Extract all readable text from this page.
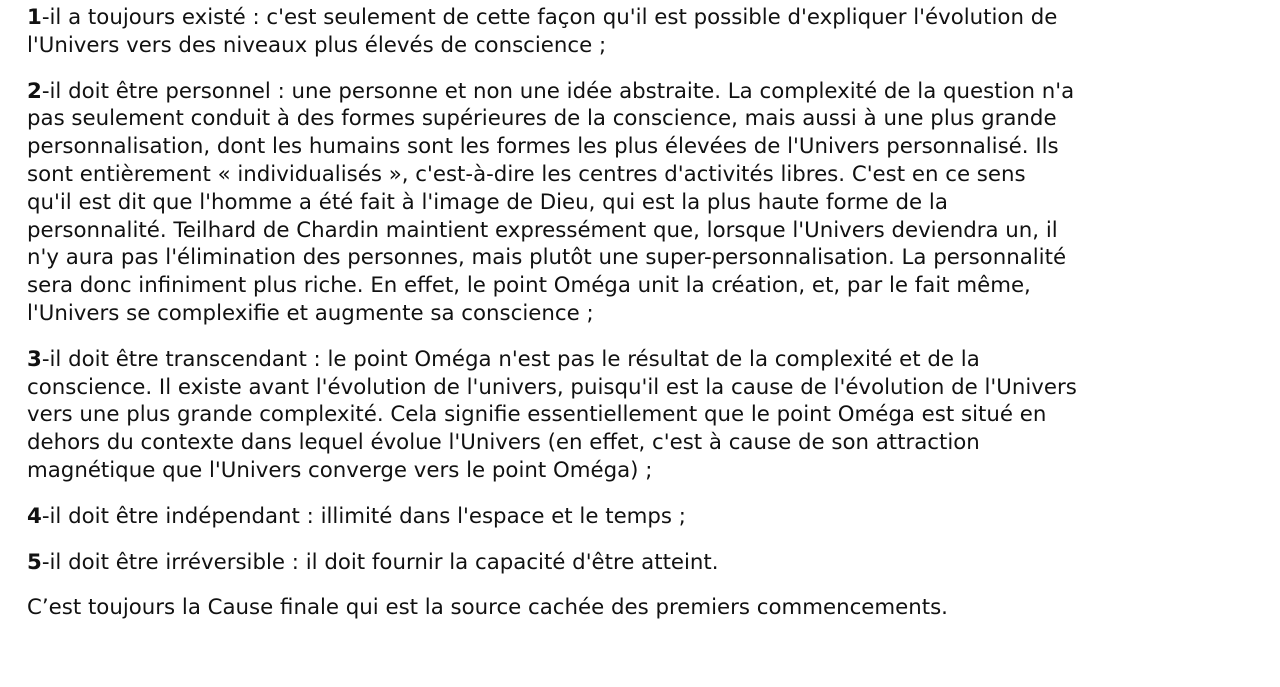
1-il a toujours existé : c'est seulement de cette façon qu'il est possible d'expliquer l'évolution de l'Univers vers des niveaux plus élevés de conscience ;

2-il doit être personnel : une personne et non une idée abstraite. La complexité de la question n'a pas seulement conduit à des formes supérieures de la conscience, mais aussi à une plus grande personnalisation, dont les humains sont les formes les plus élevées de l'Univers personnalisé. Ils sont entièrement « individualisés », c'est-à-dire les centres d'activités libres. C'est en ce sens qu'il est dit que l'homme a été fait à l'image de Dieu, qui est la plus haute forme de la personnalité. Teilhard de Chardin maintient expressément que, lorsque l'Univers deviendra un, il n'y aura pas l'élimination des personnes, mais plutôt une super-personnalisation. La personnalité sera donc infiniment plus riche. En effet, le point Oméga unit la création, et, par le fait même, l'Univers se complexifie et augmente sa conscience ;

3-il doit être transcendant : le point Oméga n'est pas le résultat de la complexité et de la conscience. Il existe avant l'évolution de l'univers, puisqu'il est la cause de l'évolution de l'Univers vers une plus grande complexité. Cela signifie essentiellement que le point Oméga est situé en dehors du contexte dans lequel évolue l'Univers (en effet, c'est à cause de son attraction magnétique que l'Univers converge vers le point Oméga) ;

4-il doit être indépendant : illimité dans l'espace et le temps ;

5-il doit être irréversible : il doit fournir la capacité d'être atteint.

C’est toujours la Cause finale qui est la source cachée des premiers commencements.
